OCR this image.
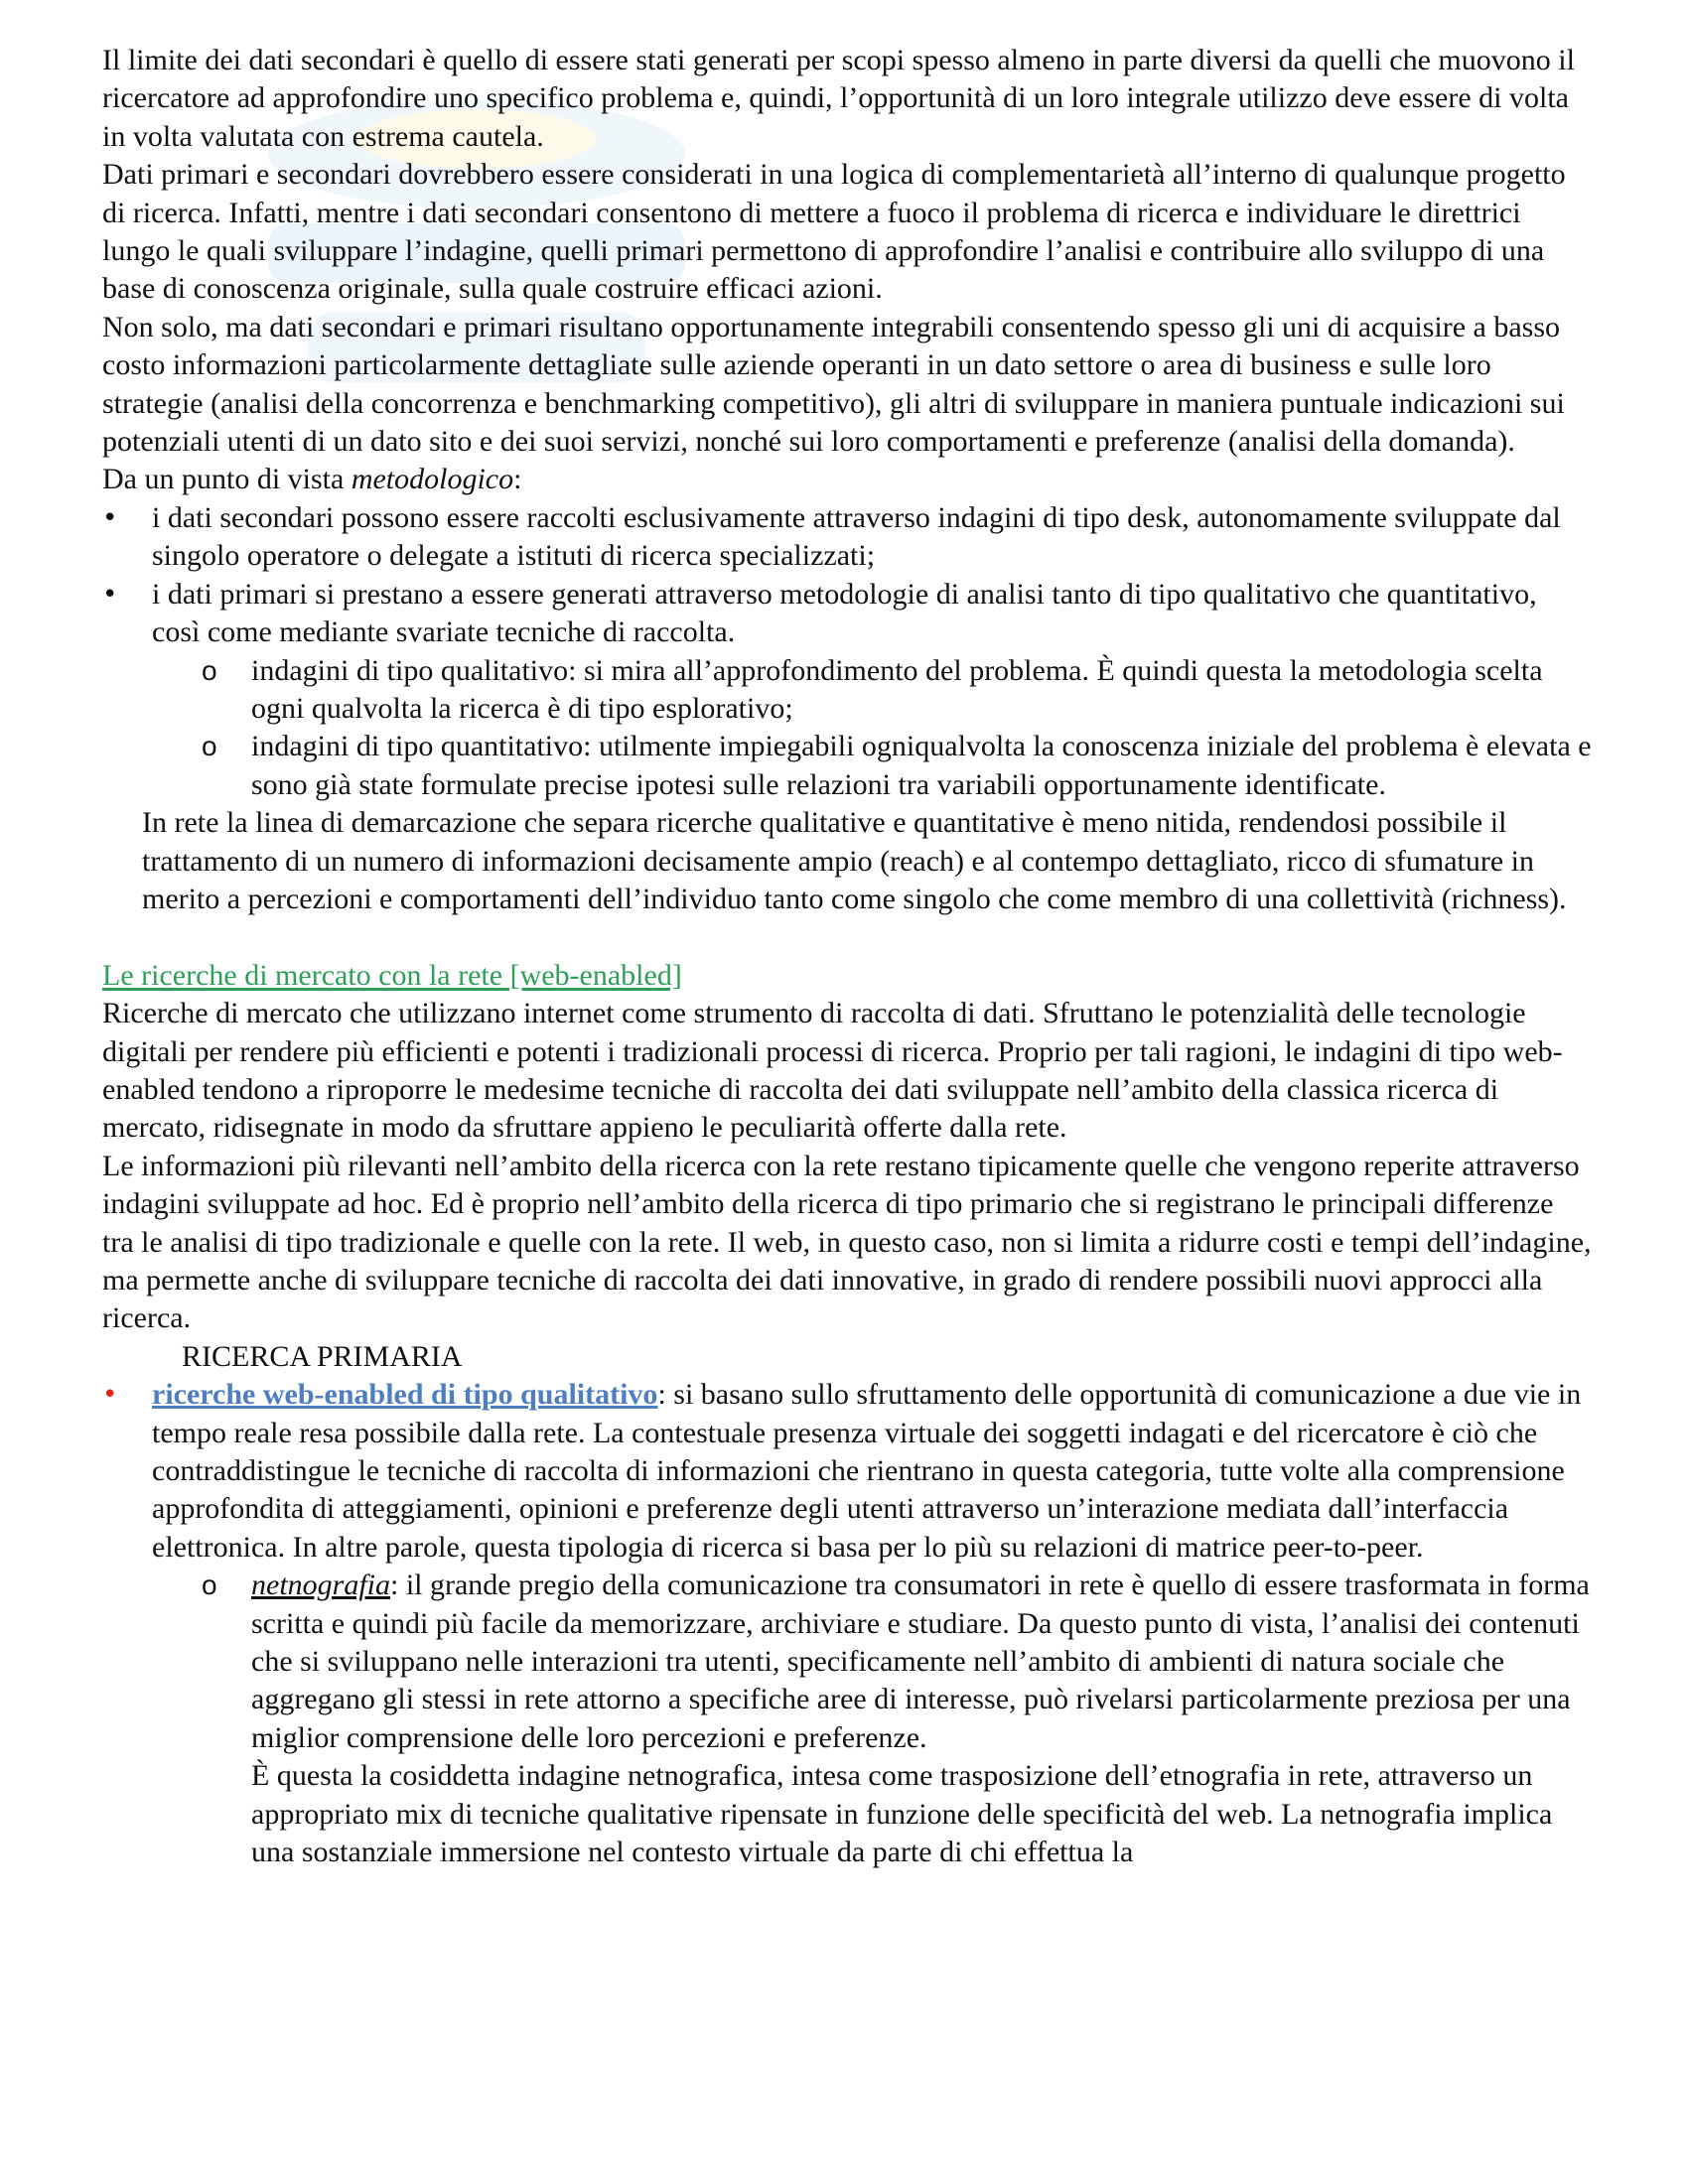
Il limite dei dati secondari è quello di essere stati generati per scopi spesso almeno in parte diversi da quelli che muovono il ricercatore ad approfondire uno specifico problema e, quindi, l’opportunità di un loro integrale utilizzo deve essere di volta in volta valutata con estrema cautela.

Dati primari e secondari dovrebbero essere considerati in una logica di complementarietà all’interno di qualunque progetto di ricerca. Infatti, mentre i dati secondari consentono di mettere a fuoco il problema di ricerca e individuare le direttrici lungo le quali sviluppare l’indagine, quelli primari permettono di approfondire l’analisi e contribuire allo sviluppo di una base di conoscenza originale, sulla quale costruire efficaci azioni.

Non solo, ma dati secondari e primari risultano opportunamente integrabili consentendo spesso gli uni di acquisire a basso costo informazioni particolarmente dettagliate sulle aziende operanti in un dato settore o area di business e sulle loro strategie (analisi della concorrenza e benchmarking competitivo), gli altri di sviluppare in maniera puntuale indicazioni sui potenziali utenti di un dato sito e dei suoi servizi, nonché sui loro comportamenti e preferenze (analisi della domanda).

Da un punto di vista metodologico:

•	i dati secondari possono essere raccolti esclusivamente attraverso indagini di tipo desk, autonomamente sviluppate dal singolo operatore o delegate a istituti di ricerca specializzati;
•	i dati primari si prestano a essere generati attraverso metodologie di analisi tanto di tipo qualitativo che quantitativo, così come mediante svariate tecniche di raccolta.
o indagini di tipo qualitativo: si mira all’approfondimento del problema. È quindi questa la metodologia scelta ogni qualvolta la ricerca è di tipo esplorativo;
o indagini di tipo quantitativo: utilmente impiegabili ogniqualvolta la conoscenza iniziale del problema è elevata e sono già state formulate precise ipotesi sulle relazioni tra variabili opportunamente identificate.

In rete la linea di demarcazione che separa ricerche qualitative e quantitative è meno nitida, rendendosi possibile il trattamento di un numero di informazioni decisamente ampio (reach) e al contempo dettagliato, ricco di sfumature in merito a percezioni e comportamenti dell’individuo tanto come singolo che come membro di una collettività (richness).

Le ricerche di mercato con la rete [web-enabled]

Ricerche di mercato che utilizzano internet come strumento di raccolta di dati. Sfruttano le potenzialità delle tecnologie digitali per rendere più efficienti e potenti i tradizionali processi di ricerca. Proprio per tali ragioni, le indagini di tipo web-enabled tendono a riproporre le medesime tecniche di raccolta dei dati sviluppate nell’ambito della classica ricerca di mercato, ridisegnate in modo da sfruttare appieno le peculiarità offerte dalla rete.

Le informazioni più rilevanti nell’ambito della ricerca con la rete restano tipicamente quelle che vengono reperite attraverso indagini sviluppate ad hoc. Ed è proprio nell’ambito della ricerca di tipo primario che si registrano le principali differenze tra le analisi di tipo tradizionale e quelle con la rete. Il web, in questo caso, non si limita a ridurre costi e tempi dell’indagine, ma permette anche di sviluppare tecniche di raccolta dei dati innovative, in grado di rendere possibili nuovi approcci alla ricerca.

RICERCA PRIMARIA

•	ricerche web-enabled di tipo qualitativo: si basano sullo sfruttamento delle opportunità di comunicazione a due vie in tempo reale resa possibile dalla rete. La contestuale presenza virtuale dei soggetti indagati e del ricercatore è ciò che contraddistingue le tecniche di raccolta di informazioni che rientrano in questa categoria, tutte volte alla comprensione approfondita di atteggiamenti, opinioni e preferenze degli utenti attraverso un’interazione mediata dall’interfaccia elettronica. In altre parole, questa tipologia di ricerca si basa per lo più su relazioni di matrice peer-to-peer.
o netnografia: il grande pregio della comunicazione tra consumatori in rete è quello di essere trasformata in forma scritta e quindi più facile da memorizzare, archiviare e studiare. Da questo punto di vista, l’analisi dei contenuti che si sviluppano nelle interazioni tra utenti, specificamente nell’ambito di ambienti di natura sociale che aggregano gli stessi in rete attorno a specifiche aree di interesse, può rivelarsi particolarmente preziosa per una miglior comprensione delle loro percezioni e preferenze.

È questa la cosiddetta indagine netnografica, intesa come trasposizione dell’etnografia in rete, attraverso un appropriato mix di tecniche qualitative ripensate in funzione delle specificità del web. La netnografia implica una sostanziale immersione nel contesto virtuale da parte di chi effettua la
